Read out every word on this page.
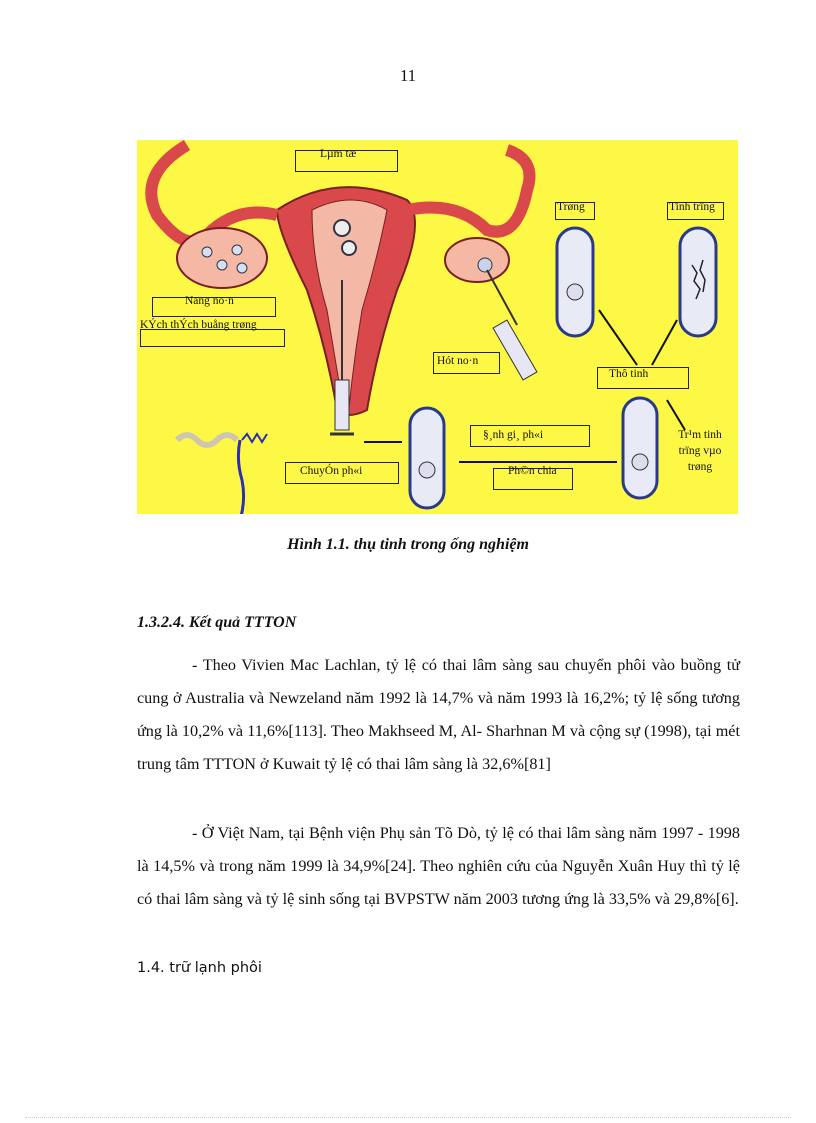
11
Lµm tæ
Trøng	Tinh trïng
Nang no·n
KÝch thÝch buång trøng
Hót no·n
Thô tinh
§¸nh gi¸ ph«i	Tr¹m tinh
trïng vµo
trøng
ChuyÓn ph«i	Ph©n chia
Hình 1.1. thụ tinh trong ống nghiệm
1.3.2.4. Kết quả TTTON
- Theo Vivien Mac Lachlan, tỷ lệ có thai lâm sàng sau chuyển phôi vào buồng tử cung ở Australia và Newzeland năm 1992 là 14,7% và năm 1993 là 16,2%; tỷ lệ sống tương ứng là 10,2% và 11,6%[113]. Theo Makhseed M, Al- Sharhnan M và cộng sự (1998), tại mét trung tâm TTTON ở Kuwait tỷ lệ có thai lâm sàng là 32,6%[81]
- Ở Việt Nam, tại Bệnh viện Phụ sản Tõ Dò, tỷ lệ có thai lâm sàng năm 1997 - 1998 là 14,5% và trong năm 1999 là 34,9%[24]. Theo nghiên cứu của Nguyễn Xuân Huy thì tỷ lệ có thai lâm sàng và tỷ lệ sinh sống tại BVPSTW năm 2003 tương ứng là 33,5% và 29,8%[6].
1.4. trữ lạnh phôi
